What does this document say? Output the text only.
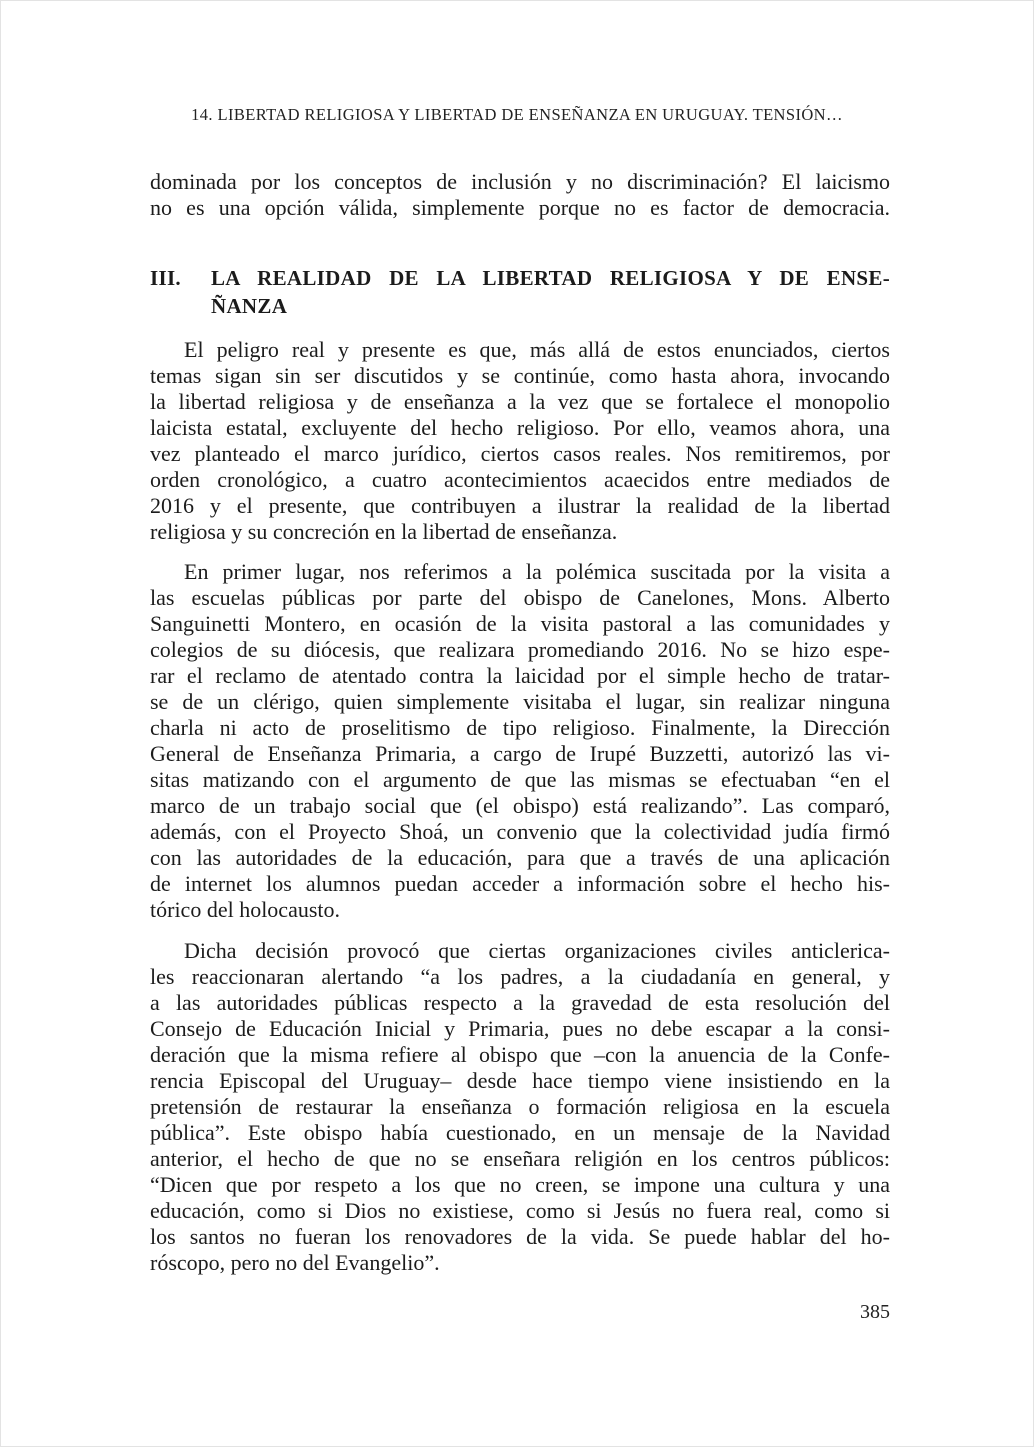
14. LIBERTAD RELIGIOSA Y LIBERTAD DE ENSEÑANZA EN URUGUAY. TENSIÓN…
dominada por los conceptos de inclusión y no discriminación? El laicismo
no es una opción válida, simplemente porque no es factor de democracia.
III.	LA REALIDAD DE LA LIBERTAD RELIGIOSA Y DE ENSE-
ÑANZA
El peligro real y presente es que, más allá de estos enunciados, ciertos
temas sigan sin ser discutidos y se continúe, como hasta ahora, invocando
la libertad religiosa y de enseñanza a la vez que se fortalece el monopolio
laicista estatal, excluyente del hecho religioso. Por ello, veamos ahora, una
vez planteado el marco jurídico, ciertos casos reales. Nos remitiremos, por
orden cronológico, a cuatro acontecimientos acaecidos entre mediados de
2016 y el presente, que contribuyen a ilustrar la realidad de la libertad
religiosa y su concreción en la libertad de enseñanza.
En primer lugar, nos referimos a la polémica suscitada por la visita a
las escuelas públicas por parte del obispo de Canelones, Mons. Alberto
Sanguinetti Montero, en ocasión de la visita pastoral a las comunidades y
colegios de su diócesis, que realizara promediando 2016. No se hizo espe-
rar el reclamo de atentado contra la laicidad por el simple hecho de tratar-
se de un clérigo, quien simplemente visitaba el lugar, sin realizar ninguna
charla ni acto de proselitismo de tipo religioso. Finalmente, la Dirección
General de Enseñanza Primaria, a cargo de Irupé Buzzetti, autorizó las vi-
sitas matizando con el argumento de que las mismas se efectuaban “en el
marco de un trabajo social que (el obispo) está realizando”. Las comparó,
además, con el Proyecto Shoá, un convenio que la colectividad judía firmó
con las autoridades de la educación, para que a través de una aplicación
de internet los alumnos puedan acceder a información sobre el hecho his-
tórico del holocausto.
Dicha decisión provocó que ciertas organizaciones civiles anticlerica-
les reaccionaran alertando “a los padres, a la ciudadanía en general, y
a las autoridades públicas respecto a la gravedad de esta resolución del
Consejo de Educación Inicial y Primaria, pues no debe escapar a la consi-
deración que la misma refiere al obispo que –con la anuencia de la Confe-
rencia Episcopal del Uruguay– desde hace tiempo viene insistiendo en la
pretensión de restaurar la enseñanza o formación religiosa en la escuela
pública”. Este obispo había cuestionado, en un mensaje de la Navidad
anterior, el hecho de que no se enseñara religión en los centros públicos:
“Dicen que por respeto a los que no creen, se impone una cultura y una
educación, como si Dios no existiese, como si Jesús no fuera real, como si
los santos no fueran los renovadores de la vida. Se puede hablar del ho-
róscopo, pero no del Evangelio”.
385
